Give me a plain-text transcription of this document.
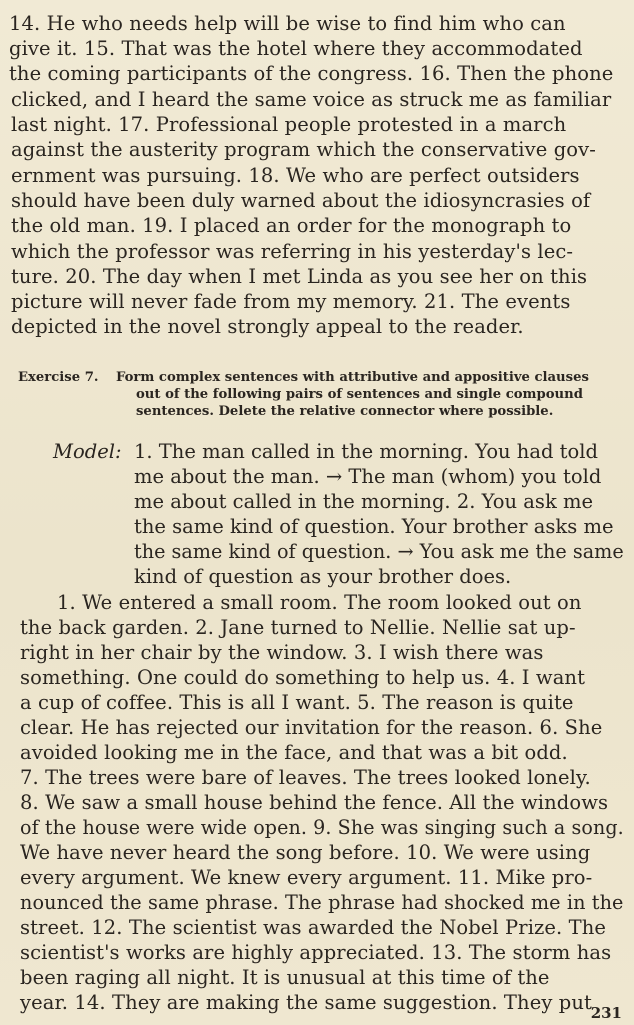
14. He who needs help will be wise to find him who can
give it. 15. That was the hotel where they accommodated
the coming participants of the congress. 16. Then the phone
clicked, and I heard the same voice as struck me as familiar
last night. 17. Professional people protested in a march
against the austerity program which the conservative gov-
ernment was pursuing. 18. We who are perfect outsiders
should have been duly warned about the idiosyncrasies of
the old man. 19. I placed an order for the monograph to
which the professor was referring in his yesterday's lec-
ture. 20. The day when I met Linda as you see her on this
picture will never fade from my memory. 21. The events
depicted in the novel strongly appeal to the reader.
Exercise 7. Form complex sentences with attributive and appositive clauses
out of the following pairs of sentences and single compound
sentences. Delete the relative connector where possible.
Model: 1. The man called in the morning. You had told
me about the man. → The man (whom) you told
me about called in the morning. 2. You ask me
the same kind of question. Your brother asks me
the same kind of question. → You ask me the same
kind of question as your brother does.
1. We entered a small room. The room looked out on
the back garden. 2. Jane turned to Nellie. Nellie sat up-
right in her chair by the window. 3. I wish there was
something. One could do something to help us. 4. I want
a cup of coffee. This is all I want. 5. The reason is quite
clear. He has rejected our invitation for the reason. 6. She
avoided looking me in the face, and that was a bit odd.
7. The trees were bare of leaves. The trees looked lonely.
8. We saw a small house behind the fence. All the windows
of the house were wide open. 9. She was singing such a song.
We have never heard the song before. 10. We were using
every argument. We knew every argument. 11. Mike pro-
nounced the same phrase. The phrase had shocked me in the
street. 12. The scientist was awarded the Nobel Prize. The
scientist's works are highly appreciated. 13. The storm has
been raging all night. It is unusual at this time of the
year. 14. They are making the same suggestion. They put
231
